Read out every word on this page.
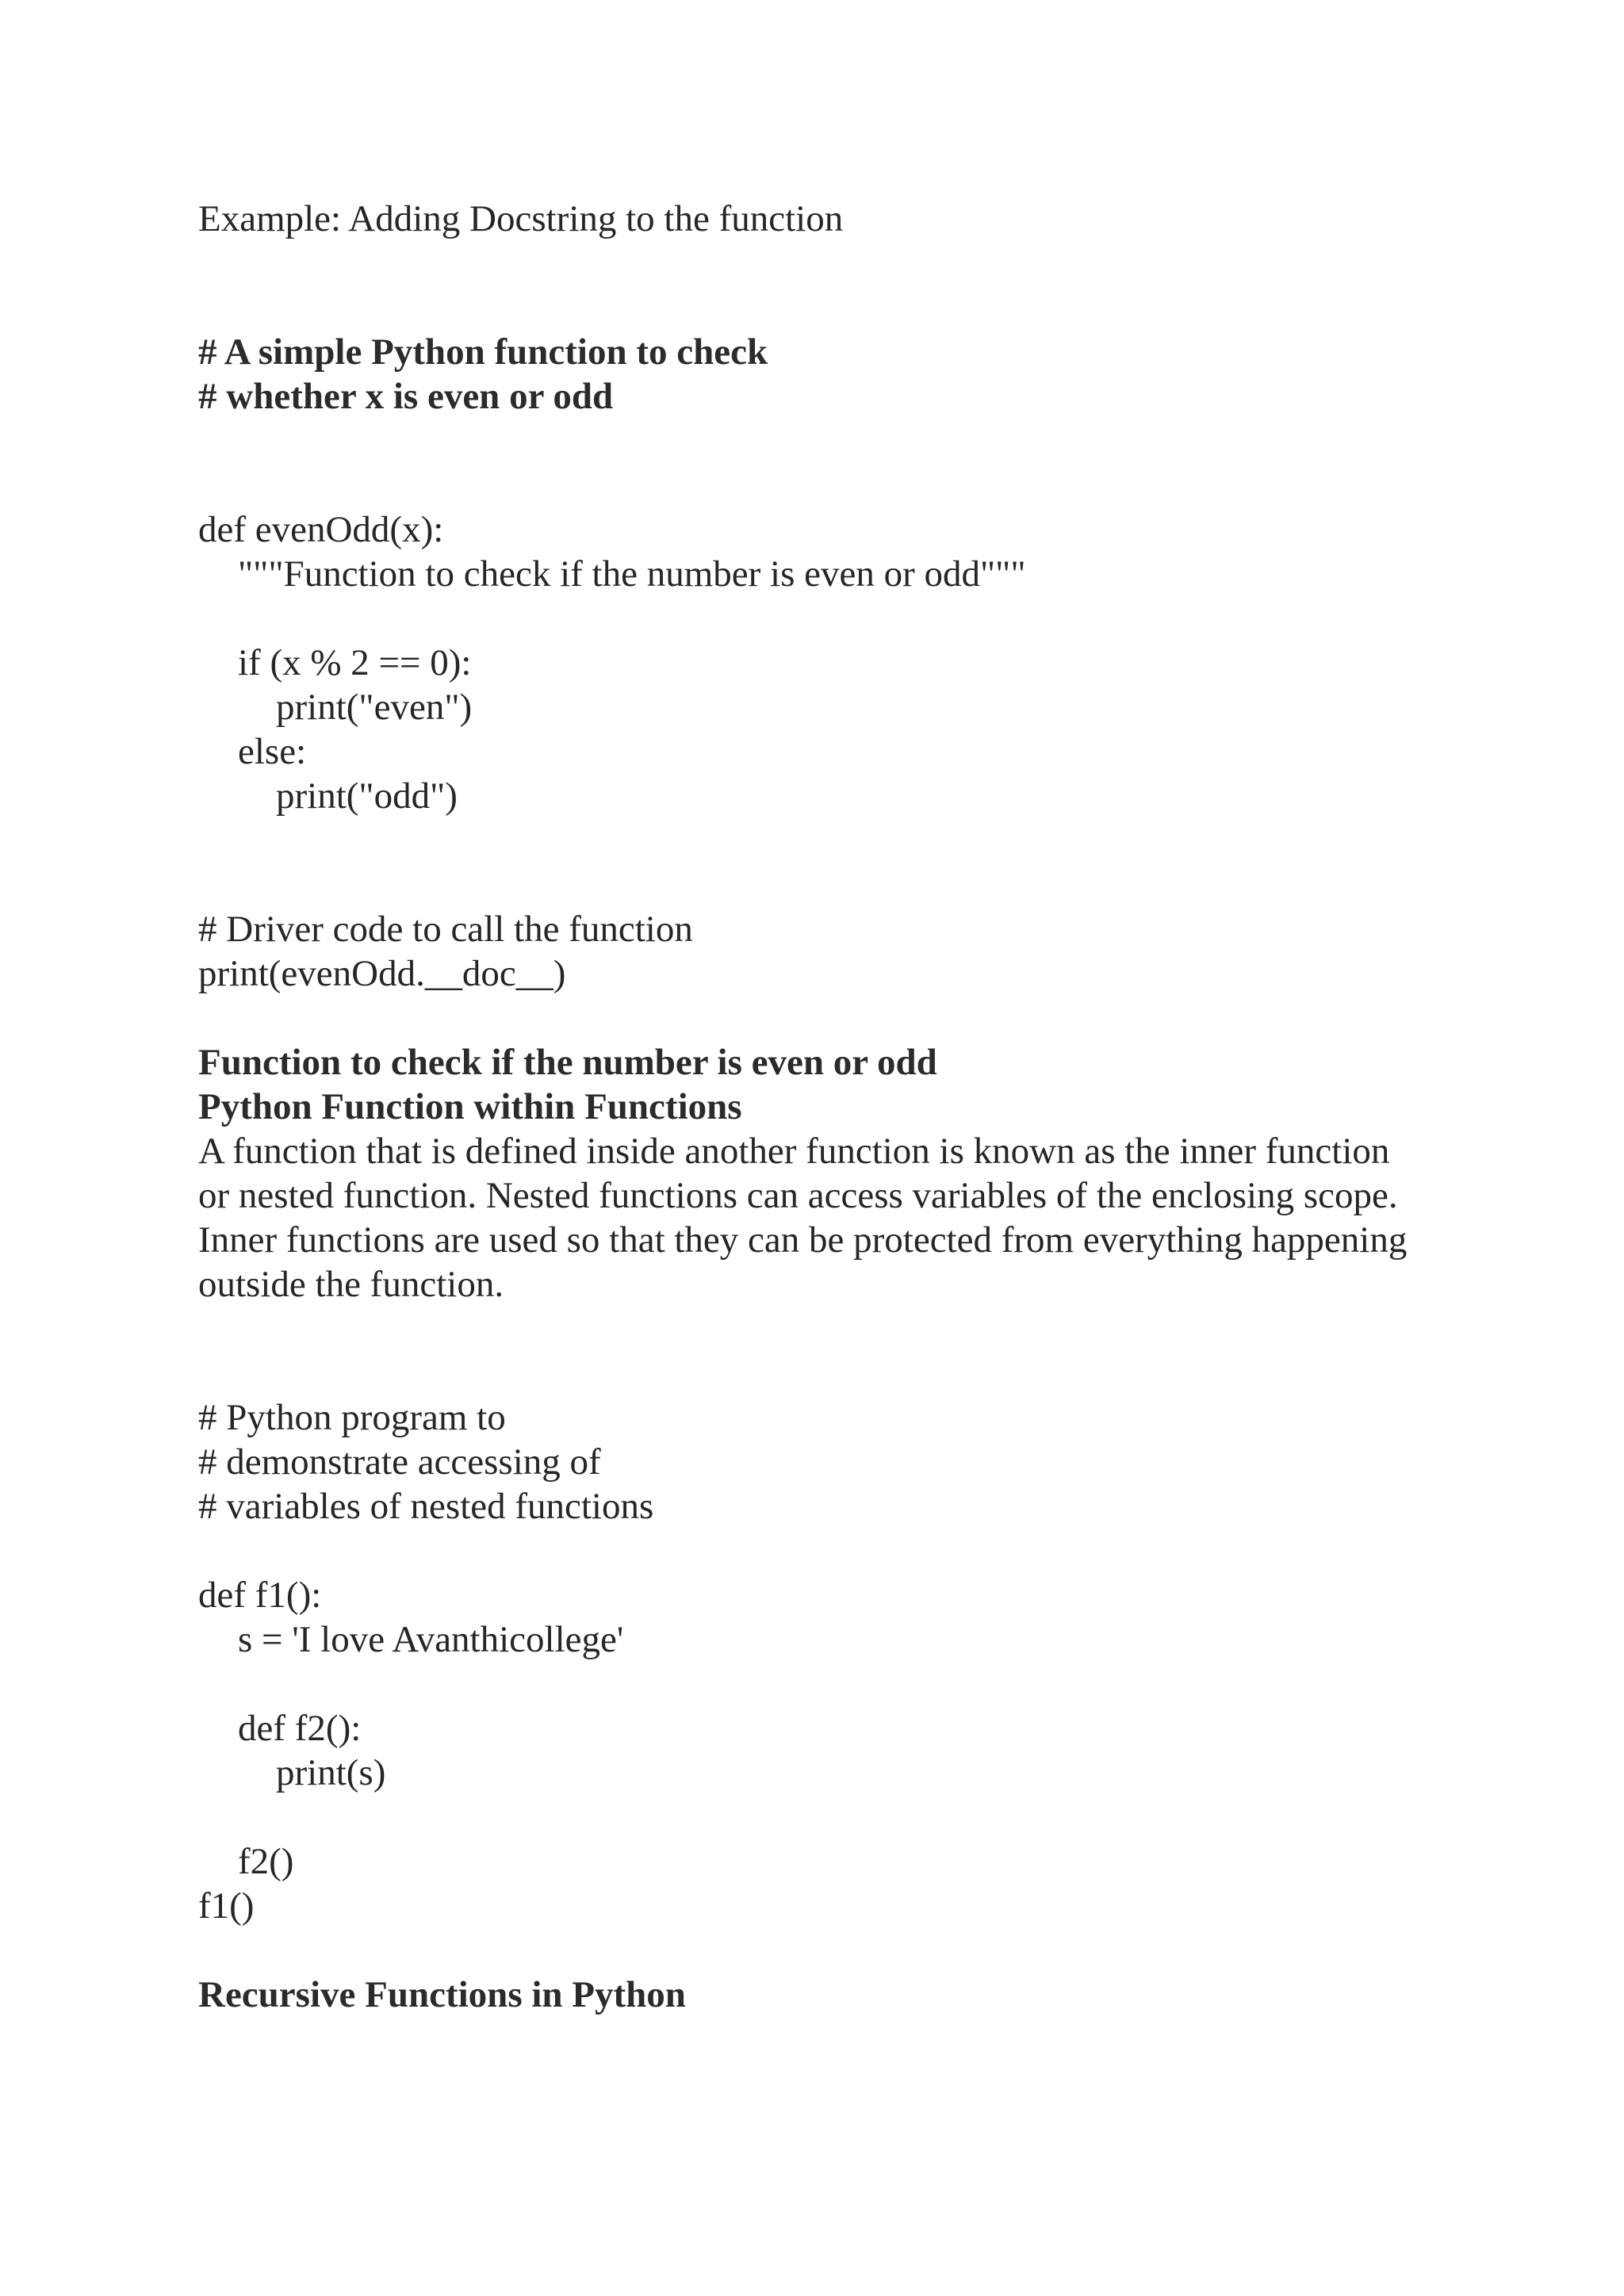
Example: Adding Docstring to the function

# A simple Python function to check

# whether x is even or odd

def evenOdd(x):

"""Function to check if the number is even or odd"""

if (x % 2 == 0):

print("even")

else:

print("odd")

# Driver code to call the function

print(evenOdd.__doc__)

Function to check if the number is even or odd

Python Function within Functions

A function that is defined inside another function is known as the inner function

or nested function. Nested functions can access variables of the enclosing scope.

Inner functions are used so that they can be protected from everything happening

outside the function.

# Python program to

# demonstrate accessing of

# variables of nested functions

def f1():

s = 'I love Avanthicollege'

def f2():

print(s)

f2()

f1()

Recursive Functions in Python
